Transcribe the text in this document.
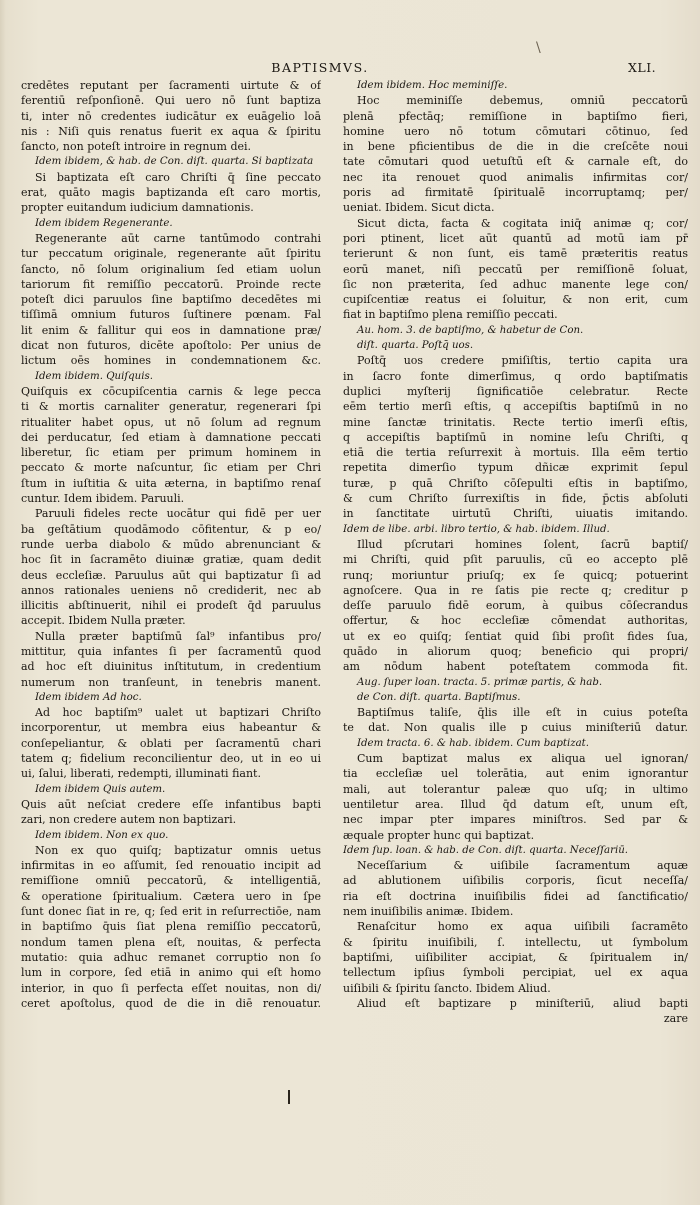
\
BAPTISMVS.	XLI.
credētes reputant per ſacramenti uirtute & of
ferentiū reſponſionē. Qui uero nō ſunt baptiza
ti, inter nō credentes iudicātur ex euāgelio loā
nis : Niſi quis renatus fuerit ex aqua & ſpiritu
ſancto, non poteſt introire in regnum dei.
Idem ibidem, & hab. de Con. diſt. quarta. Si baptizata
Si baptizata eſt caro Chriſti q̄ ſine peccato
erat, quāto magis baptizanda eſt caro mortis,
propter euitandum iudicium damnationis.
Idem ibidem Regenerante.
Regenerante aūt carne tantūmodo contrahi
tur peccatum originale, regenerante aūt ſpiritu
ſancto, nō ſolum originalium ſed etiam uolun
tariorum fit remiſſio peccatorū. Proinde recte
poteſt dici paruulos ſine baptiſmo decedētes mi
tiſſimā omnium futuros ſuſtinere pœnam. Fal
lit enim & fallitur qui eos in damnatione præ/
dicat non futuros, dicēte apoſtolo: Per unius de
lictum oēs homines in condemnationem &c.
Idem ibidem. Quiſquis.
Quiſquis ex cōcupiſcentia carnis & lege pecca
ti & mortis carnaliter generatur, regenerari ſpi
ritualiter habet opus, ut nō ſolum ad regnum
dei perducatur, ſed etiam à damnatione peccati
liberetur, ſic etiam per primum hominem in
peccato & morte naſcuntur, ſic etiam per Chri
ſtum in iuſtitia & uita æterna, in baptiſmo renaſ
cuntur. Idem ibidem. Paruuli.
Paruuli fideles recte uocātur qui fidē per uer
ba geſtātium quodāmodo cōfitentur, & p eo/
runde uerba diabolo & mūdo abrenunciant &
hoc ſit in ſacramēto diuinæ gratiæ, quam dedit
deus eccleſiæ. Paruulus aūt qui baptizatur ſi ad
annos rationales ueniens nō crediderit, nec ab
illicitis abſtinuerit, nihil ei prodeſt q̄d paruulus
accepit. Ibidem Nulla præter.
Nulla præter baptiſmū ſal⁹ infantibus pro/
mittitur, quia infantes ſi per ſacramentū quod
ad hoc eſt diuinitus inſtitutum, in credentium
numerum non tranſeunt, in tenebris manent.
Idem ibidem Ad hoc.
Ad hoc baptiſm⁹ ualet ut baptizari Chriſto
incorporentur, ut membra eius habeantur &
conſepeliantur, & oblati per ſacramentū chari
tatem q; fidelium reconcilientur deo, ut in eo ui
ui, ſalui, liberati, redempti, illuminati fiant.
Idem ibidem Quis autem.
Quis aūt neſciat credere eſſe infantibus bapti
zari, non credere autem non baptizari.
Idem ibidem. Non ex quo.
Non ex quo quiſq; baptizatur omnis uetus
infirmitas in eo aſſumit, ſed renouatio incipit ad
remiſſione omniū peccatorū, & intelligentiā,
& operatione ſpiritualium. Cætera uero in ſpe
ſunt donec ſiat in re, q; ſed erit in reſurrectiōe, nam
in baptiſmo q̄uis ſiat plena remiſſio peccatorū,
nondum tamen plena eſt, nouitas, & perfecta
mutatio: quia adhuc remanet corruptio non ſo
lum in corpore, ſed etiā in animo qui eſt homo
interior, in quo ſi perfecta eſſet nouitas, non di/
ceret apoſtolus, quod de die in diē renouatur.
Idem ibidem. Hoc meminiſſe.
Hoc meminiſſe debemus, omniū peccatorū
plenā pfectāq; remiſſione in baptiſmo fieri,
homine uero nō totum cōmutari cōtinuo, ſed
in bene pficientibus de die in die creſcēte noui
tate cōmutari quod uetuſtū eſt & carnale eſt, do
nec ita renouet quod animalis infirmitas cor/
poris ad firmitatē ſpiritualē incorruptamq; per/
ueniat. Ibidem. Sicut dicta.
Sicut dicta, facta & cogitata iniq̄ animæ q; cor/
pori ptinent, licet aūt quantū ad motū iam pr̄
terierunt & non ſunt, eis tamē præteritis reatus
eorū manet, niſi peccatū per remiſſionē ſoluat,
ſic non præterita, ſed adhuc manente lege con/
cupiſcentiæ reatus ei ſoluitur, & non erit, cum
fiat in baptiſmo plena remiſſio peccati.
Au. hom. 3. de baptiſmo, & habetur de Con.
diſt. quarta. Poſtq̄ uos.
Poſtq̄ uos credere pmiſiſtis, tertio capita ura
in ſacro fonte dimerſimus, q ordo baptiſmatis
duplici myſterij ſignificatiōe celebratur. Recte
eēm tertio merſi eſtis, q accepiſtis baptiſmū in no
mine ſanctæ trinitatis. Recte tertio imerſi eſtis,
q accepiſtis baptiſmū in nomine leſu Chriſti, q
etiā die tertia reſurrexit à mortuis. Illa eēm tertio
repetita dimerſio typum dñicæ exprimit ſepul
turæ, p quā Chriſto cōſepulti eſtis in baptiſmo,
& cum Chriſto ſurrexiſtis in fide, p̄ctis abſoluti
in ſanctitate uirtutū Chriſti, uiuatis imitando.
Idem de libe. arbi. libro tertio, & hab. ibidem. Illud.
Illud pſcrutari homines ſolent, ſacrū baptiſ/
mi Chriſti, quid pſit paruulis, cū eo accepto plē
runq; moriuntur priuſq; ex ſe quicq; potuerint
agnoſcere. Qua in re ſatis pie recte q; creditur p
deſſe paruulo fidē eorum, à quibus cōſecrandus
offertur, & hoc eccleſiæ cōmendat authoritas,
ut ex eo quiſq; ſentiat quid ſibi proſit fides ſua,
quādo in aliorum quoq; beneficio qui propri/
am nōdum habent poteſtatem commoda fit.
Aug. ſuper loan. tracta. 5. primæ partis, & hab.
de Con. diſt. quarta. Baptiſmus.
Baptiſmus taliſe, q̄lis ille eſt in cuius poteſta
te dat. Non qualis ille p cuius miniſteriū datur.
Idem tracta. 6. & hab. ibidem. Cum baptizat.
Cum baptizat malus ex aliqua uel ignoran/
tia eccleſiæ uel tolerātia, aut enim ignorantur
mali, aut tolerantur paleæ quo uſq; in ultimo
uentiletur area. Illud q̄d datum eſt, unum eſt,
nec impar pter impares miniſtros. Sed par &
æquale propter hunc qui baptizat.
Idem ſup. loan. & hab. de Con. diſt. quarta. Neceſſariū.
Neceſſarium & uiſibile ſacramentum aquæ
ad ablutionem uiſibilis corporis, ſicut neceſſa/
ria eſt doctrina inuiſibilis fidei ad ſanctificatio/
nem inuiſibilis animæ. Ibidem.
Renaſcitur homo ex aqua uiſibili ſacramēto
& ſpiritu inuiſibili, ſ. intellectu, ut ſymbolum
baptiſmi, uiſibiliter accipiat, & ſpiritualem in/
tellectum ipſius ſymboli percipiat, uel ex aqua
uiſibili & ſpiritu ſancto. Ibidem Aliud.
Aliud eſt baptizare p miniſteriū, aliud bapti
zare
